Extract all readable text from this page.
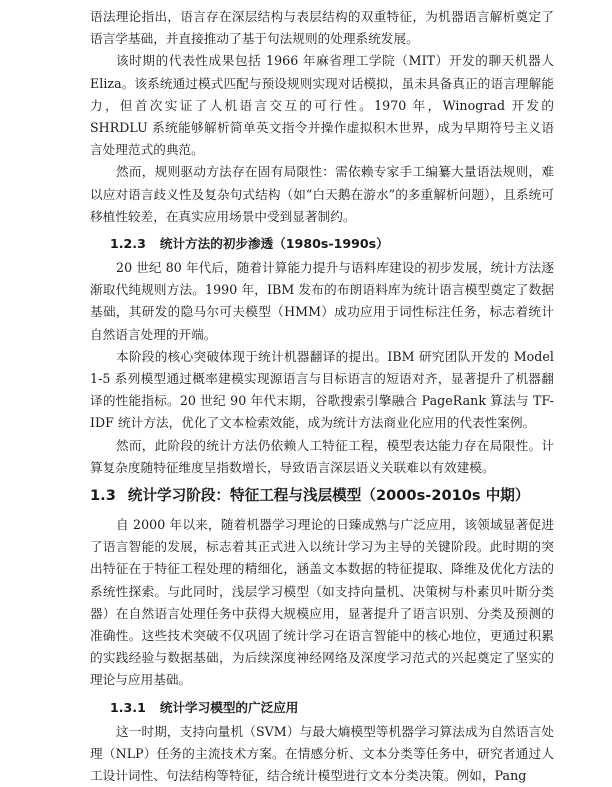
语法理论指出，语言存在深层结构与表层结构的双重特征，为机器语言解析奠定了语言学基础，并直接推动了基于句法规则的处理系统发展。

该时期的代表性成果包括 1966 年麻省理工学院（MIT）开发的聊天机器人 Eliza。该系统通过模式匹配与预设规则实现对话模拟，虽未具备真正的语言理解能力，但首次实证了人机语言交互的可行性。1970 年，Winograd 开发的 SHRDLU 系统能够解析简单英文指令并操作虚拟积木世界，成为早期符号主义语言处理范式的典范。

然而，规则驱动方法存在固有局限性：需依赖专家手工编纂大量语法规则，难以应对语言歧义性及复杂句式结构（如“白天鹅在游水”的多重解析问题），且系统可移植性较差，在真实应用场景中受到显著制约。

1.2.3 统计方法的初步渗透（1980s-1990s）

20 世纪 80 年代后，随着计算能力提升与语料库建设的初步发展，统计方法逐渐取代纯规则方法。1990 年，IBM 发布的布朗语料库为统计语言模型奠定了数据基础，其研发的隐马尔可夫模型（HMM）成功应用于词性标注任务，标志着统计自然语言处理的开端。

本阶段的核心突破体现于统计机器翻译的提出。IBM 研究团队开发的 Model 1-5 系列模型通过概率建模实现源语言与目标语言的短语对齐，显著提升了机器翻译的性能指标。20 世纪 90 年代末期，谷歌搜索引擎融合 PageRank 算法与 TF-IDF 统计方法，优化了文本检索效能，成为统计方法商业化应用的代表性案例。

然而，此阶段的统计方法仍依赖人工特征工程，模型表达能力存在局限性。计算复杂度随特征维度呈指数增长，导致语言深层语义关联难以有效建模。

1.3 统计学习阶段：特征工程与浅层模型（2000s-2010s 中期）

自 2000 年以来，随着机器学习理论的日臻成熟与广泛应用，该领域显著促进了语言智能的发展，标志着其正式进入以统计学习为主导的关键阶段。此时期的突出特征在于特征工程处理的精细化，涵盖文本数据的特征提取、降维及优化方法的系统性探索。与此同时，浅层学习模型（如支持向量机、决策树与朴素贝叶斯分类器）在自然语言处理任务中获得大规模应用，显著提升了语言识别、分类及预测的准确性。这些技术突破不仅巩固了统计学习在语言智能中的核心地位，更通过积累的实践经验与数据基础，为后续深度神经网络及深度学习范式的兴起奠定了坚实的理论与应用基础。

1.3.1 统计学习模型的广泛应用

这一时期，支持向量机（SVM）与最大熵模型等机器学习算法成为自然语言处理（NLP）任务的主流技术方案。在情感分析、文本分类等任务中，研究者通过人工设计词性、句法结构等特征，结合统计模型进行文本分类决策。例如，Pang
